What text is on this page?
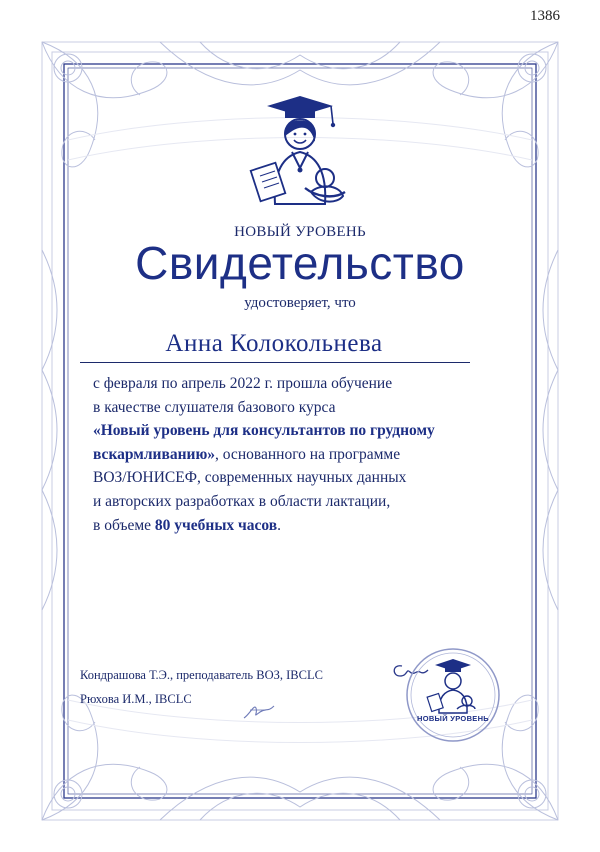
1386
НОВЫЙ УРОВЕНЬ
Свидетельство
удостоверяет, что
Анна Колокольнева
с февраля по апрель 2022 г. прошла обучение
в качестве слушателя базового курса
«Новый уровень для консультантов по грудному
вскармливанию», основанного на программе
ВОЗ/ЮНИСЕФ, современных научных данных
и авторских разработках в области лактации,
в объеме 80 учебных часов.
Кондрашова Т.Э., преподаватель ВОЗ, IBCLC
Рюхова И.М., IBCLC
НОВЫЙ УРОВЕНЬ
